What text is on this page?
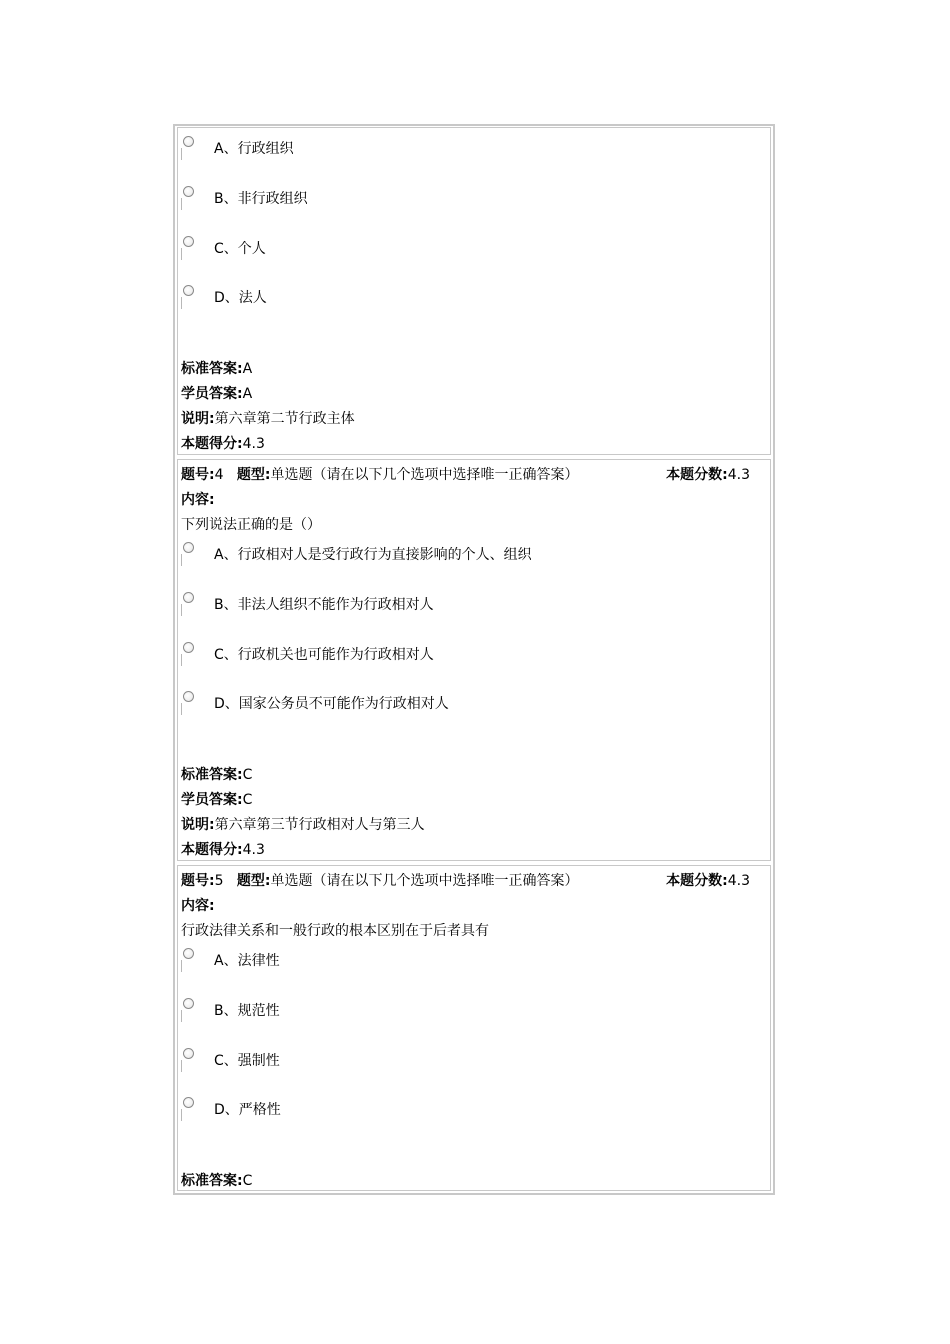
A、行政组织
B、非行政组织
C、个人
D、法人
标准答案:A
学员答案:A
说明:第六章第二节行政主体
本题得分:4.3
题号:4 题型:单选题（请在以下几个选项中选择唯一正确答案）	本题分数:4.3
内容:
下列说法正确的是（）
A、行政相对人是受行政行为直接影响的个人、组织
B、非法人组织不能作为行政相对人
C、行政机关也可能作为行政相对人
D、国家公务员不可能作为行政相对人
标准答案:C
学员答案:C
说明:第六章第三节行政相对人与第三人
本题得分:4.3
题号:5 题型:单选题（请在以下几个选项中选择唯一正确答案）	本题分数:4.3
内容:
行政法律关系和一般行政的根本区别在于后者具有
A、法律性
B、规范性
C、强制性
D、严格性
标准答案:C
